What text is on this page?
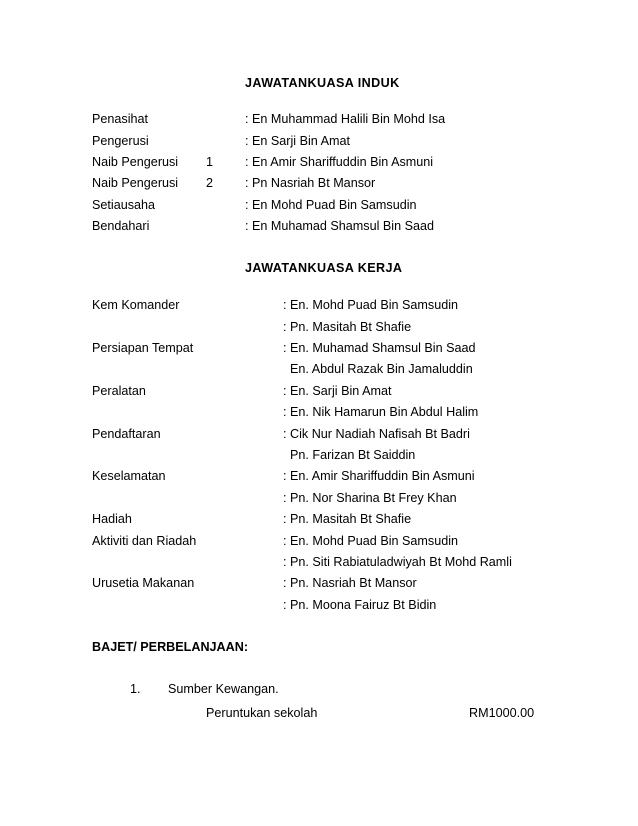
JAWATANKUASA INDUK
Penasihat	: En Muhammad Halili Bin Mohd Isa
Pengerusi	: En Sarji Bin Amat
Naib Pengerusi 1	: En Amir Shariffuddin Bin Asmuni
Naib Pengerusi 2	: Pn Nasriah Bt Mansor
Setiausaha	: En Mohd Puad Bin Samsudin
Bendahari	: En Muhamad Shamsul Bin Saad
JAWATANKUASA KERJA
Kem Komander	: En. Mohd Puad Bin Samsudin
: Pn. Masitah Bt Shafie
Persiapan Tempat	: En. Muhamad Shamsul Bin Saad
En. Abdul Razak Bin Jamaluddin
Peralatan	: En. Sarji Bin Amat
: En. Nik Hamarun Bin Abdul Halim
Pendaftaran	: Cik Nur Nadiah Nafisah Bt Badri
Pn. Farizan Bt Saiddin
Keselamatan	: En. Amir Shariffuddin Bin Asmuni
: Pn. Nor Sharina Bt Frey Khan
Hadiah	: Pn. Masitah Bt Shafie
Aktiviti dan Riadah	: En. Mohd Puad Bin Samsudin
: Pn. Siti Rabiatuladwiyah Bt Mohd Ramli
Urusetia Makanan	: Pn. Nasriah Bt Mansor
: Pn. Moona Fairuz Bt Bidin
BAJET/ PERBELANJAAN:
1. Sumber Kewangan.
Peruntukan sekolah	RM1000.00
